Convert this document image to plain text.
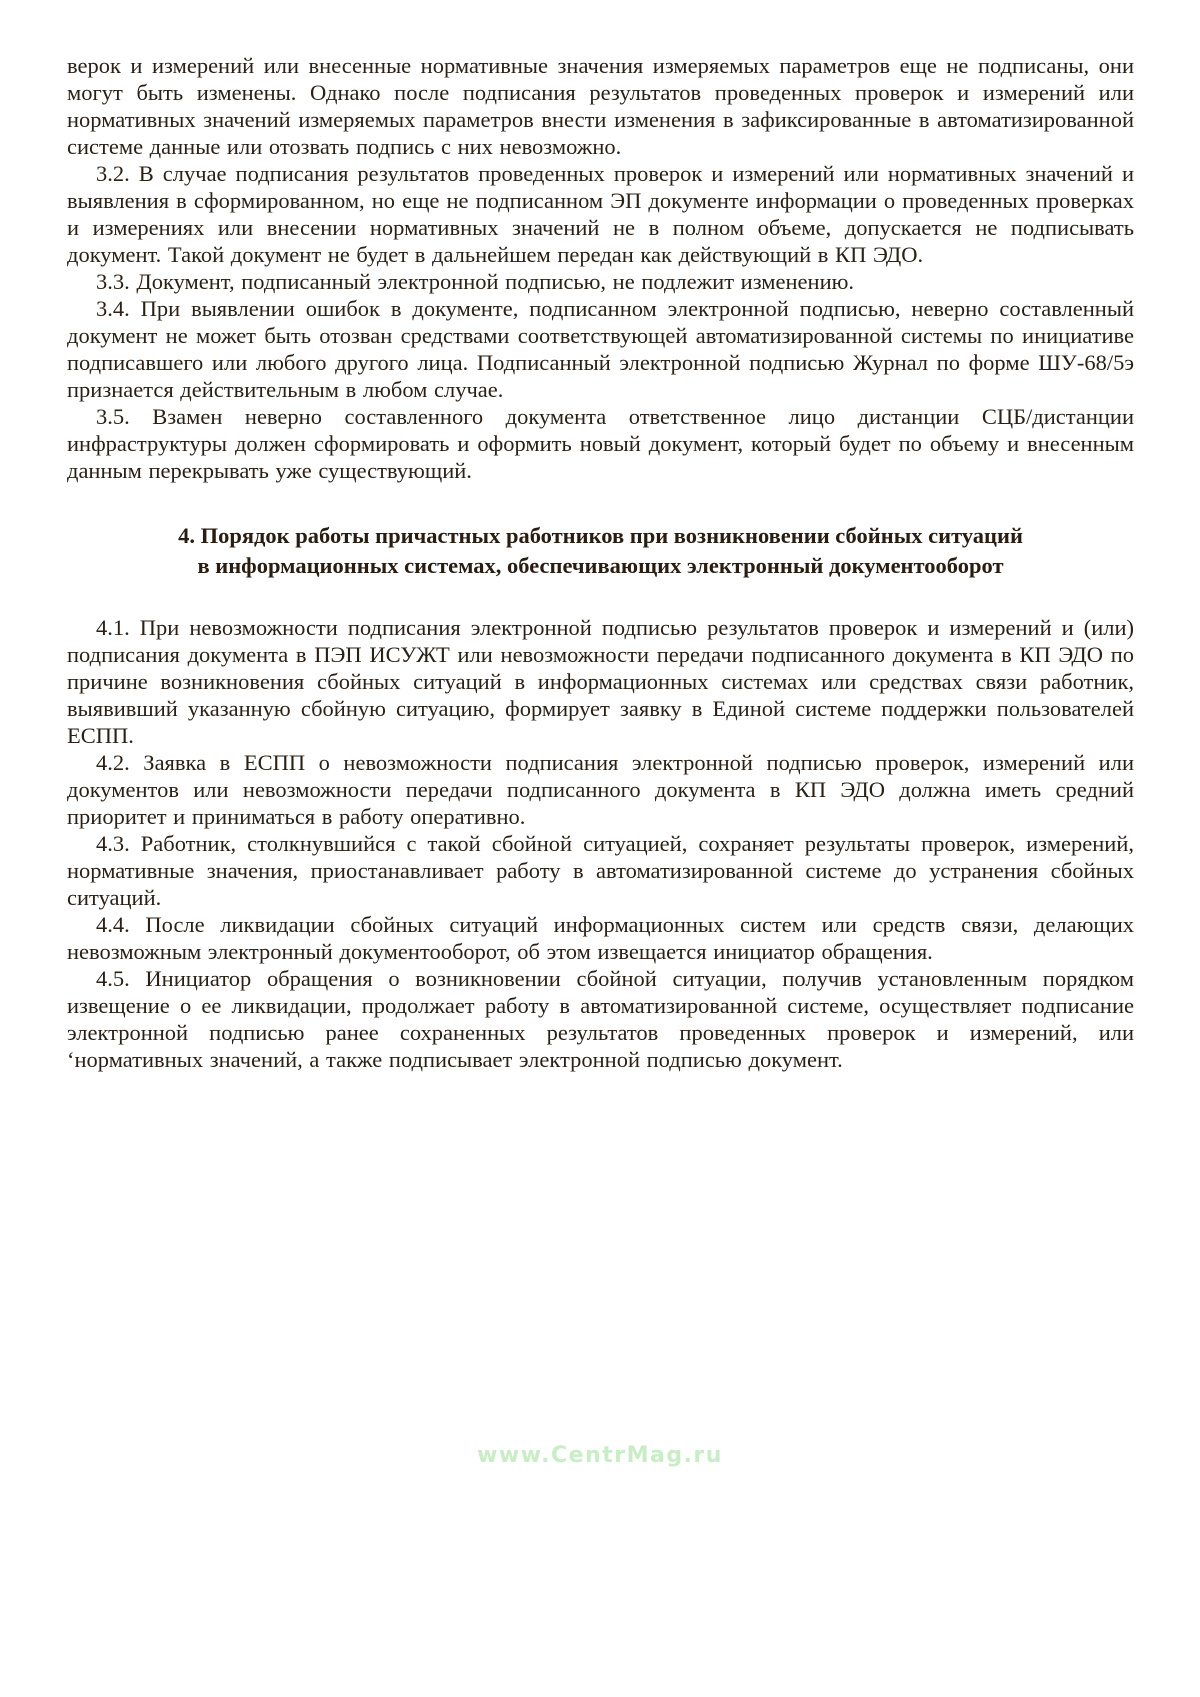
верок и измерений или внесенные нормативные значения измеряемых параметров еще не подписаны, они могут быть изменены. Однако после подписания результатов проведенных проверок и измерений или нормативных значений измеряемых параметров внести изменения в зафиксированные в автоматизированной системе данные или отозвать подпись с них невозможно.

3.2. В случае подписания результатов проведенных проверок и измерений или нормативных значений и выявления в сформированном, но еще не подписанном ЭП документе информации о проведенных проверках и измерениях или внесении нормативных значений не в полном объеме, допускается не подписывать документ. Такой документ не будет в дальнейшем передан как действующий в КП ЭДО.

3.3. Документ, подписанный электронной подписью, не подлежит изменению.

3.4. При выявлении ошибок в документе, подписанном электронной подписью, неверно составленный документ не может быть отозван средствами соответствующей автоматизированной системы по инициативе подписавшего или любого другого лица. Подписанный электронной подписью Журнал по форме ШУ-68/5э признается действительным в любом случае.

3.5. Взамен неверно составленного документа ответственное лицо дистанции СЦБ/дистанции инфраструктуры должен сформировать и оформить новый документ, который будет по объему и внесенным данным перекрывать уже существующий.

4. Порядок работы причастных работников при возникновении сбойных ситуаций
в информационных системах, обеспечивающих электронный документооборот

4.1. При невозможности подписания электронной подписью результатов проверок и измерений и (или) подписания документа в ПЭП ИСУЖТ или невозможности передачи подписанного документа в КП ЭДО по причине возникновения сбойных ситуаций в информационных системах или средствах связи работник, выявивший указанную сбойную ситуацию, формирует заявку в Единой системе поддержки пользователей ЕСПП.

4.2. Заявка в ЕСПП о невозможности подписания электронной подписью проверок, измерений или документов или невозможности передачи подписанного документа в КП ЭДО должна иметь средний приоритет и приниматься в работу оперативно.

4.3. Работник, столкнувшийся с такой сбойной ситуацией, сохраняет результаты проверок, измерений, нормативные значения, приостанавливает работу в автоматизированной системе до устранения сбойных ситуаций.

4.4. После ликвидации сбойных ситуаций информационных систем или средств связи, делающих невозможным электронный документооборот, об этом извещается инициатор обращения.

4.5. Инициатор обращения о возникновении сбойной ситуации, получив установленным порядком извещение о ее ликвидации, продолжает работу в автоматизированной системе, осуществляет подписание электронной подписью ранее сохраненных результатов проведенных проверок и измерений, или ‘нормативных значений, а также подписывает электронной подписью документ.

www.CentrMag.ru
